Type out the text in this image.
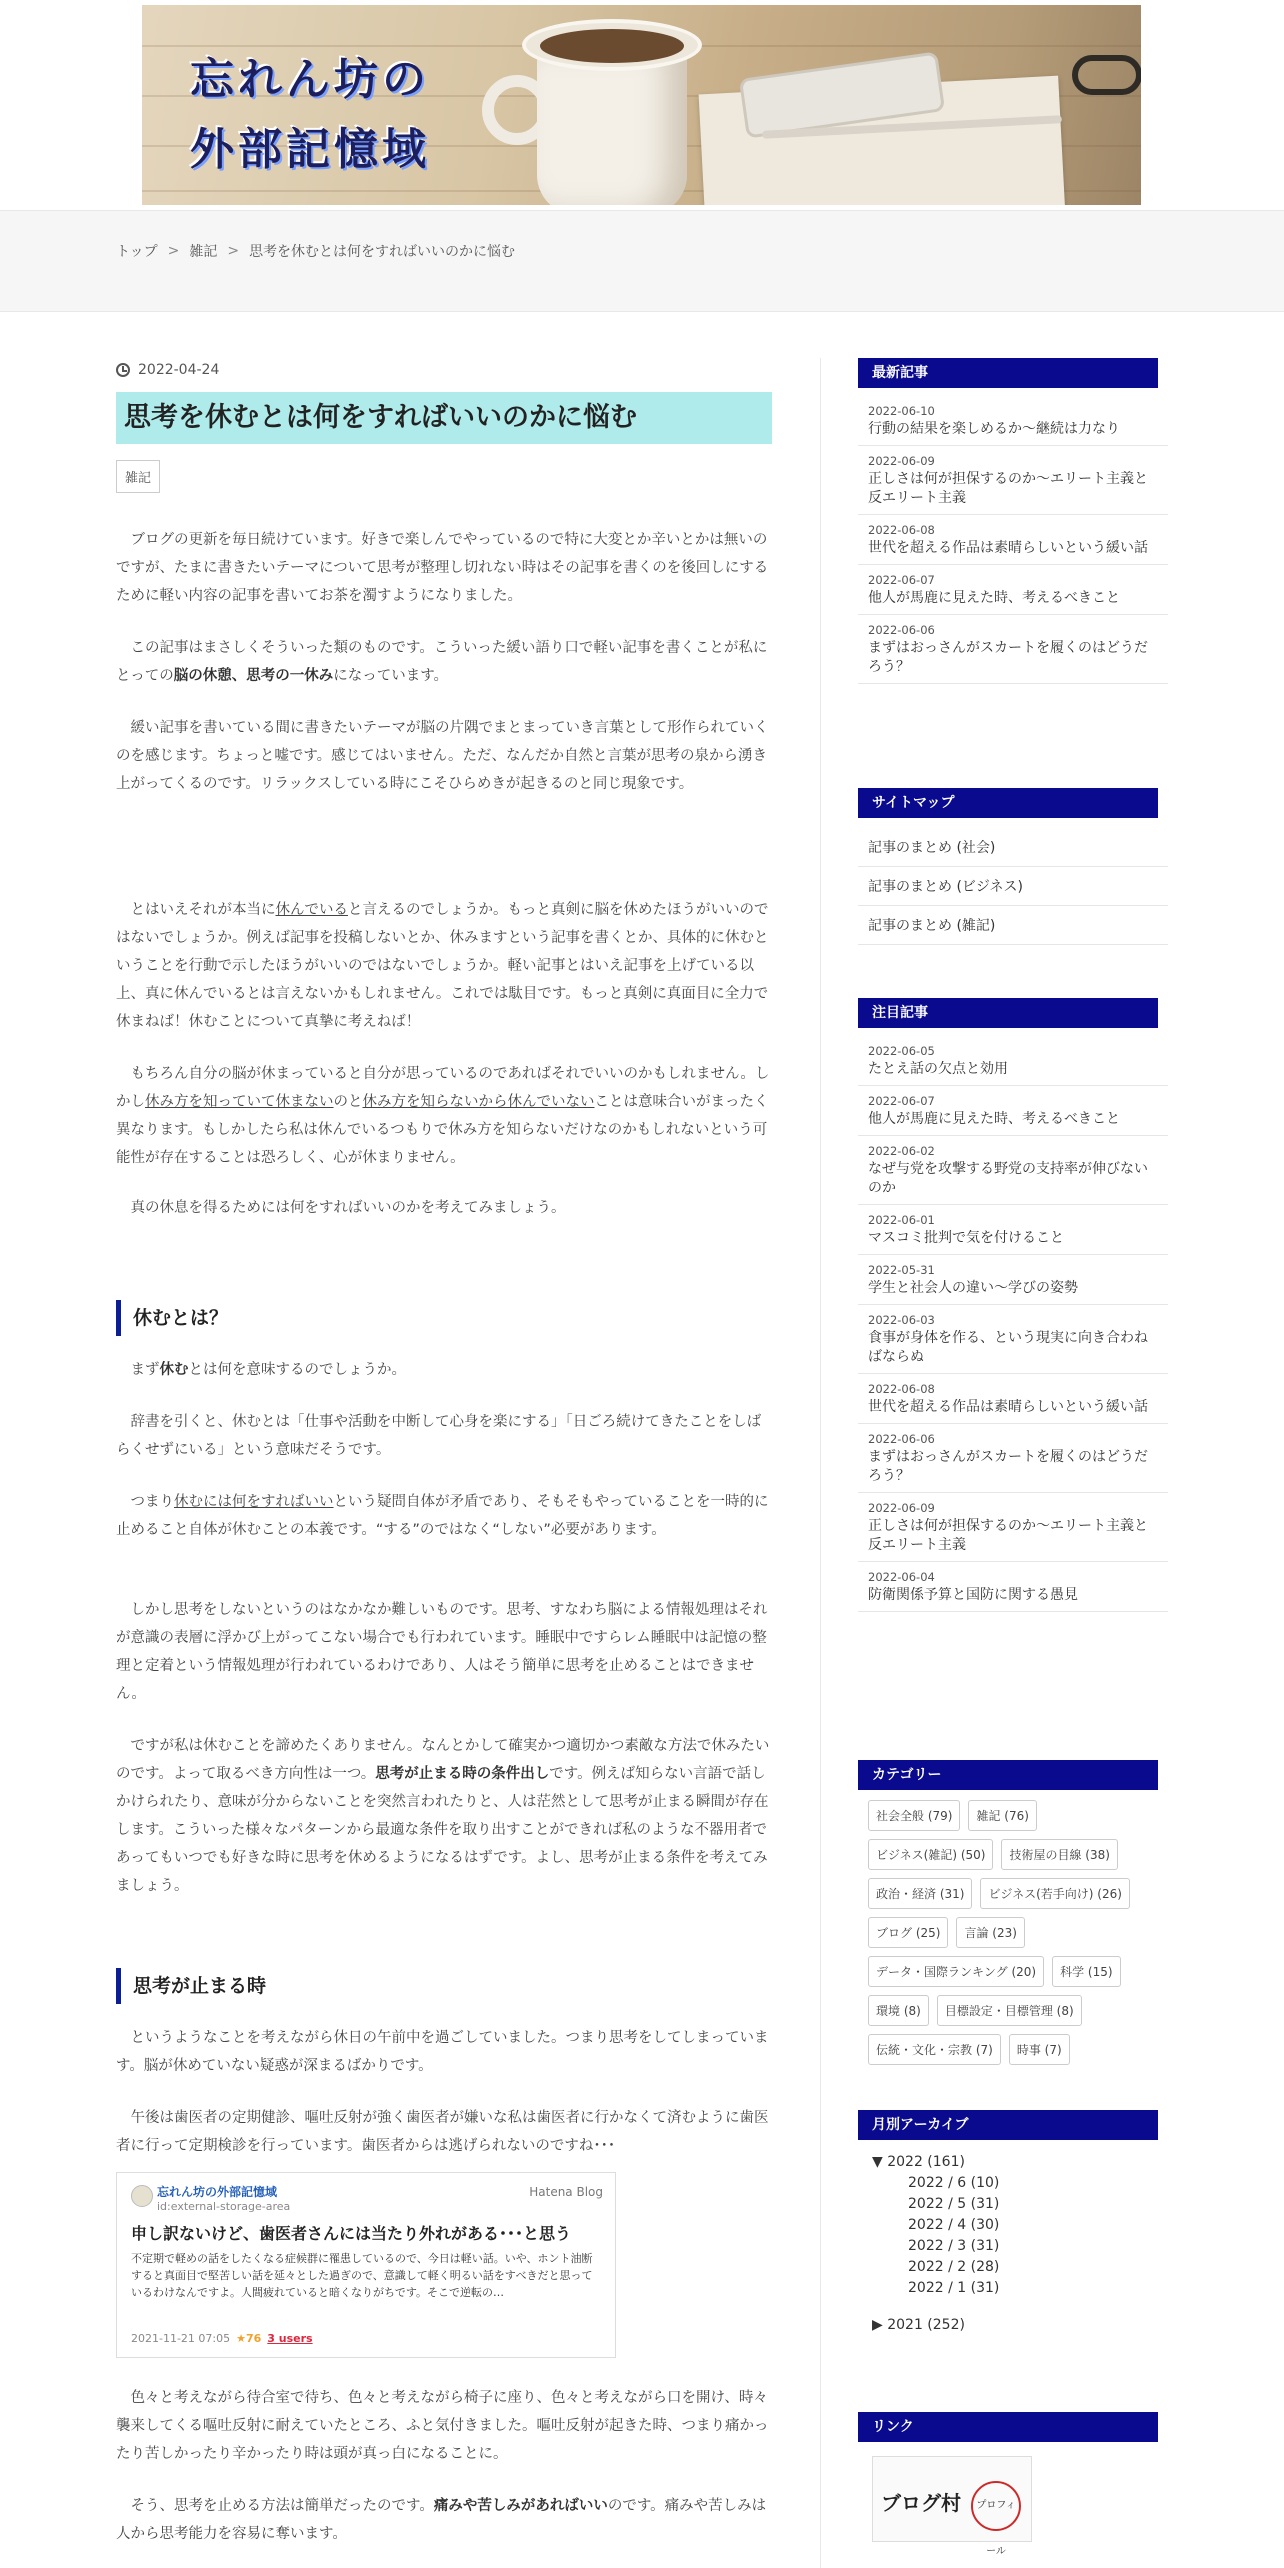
忘れん坊の
外部記憶域
トップ > 雑記 > 思考を休むとは何をすればいいのかに悩む
2022-04-24
思考を休むとは何をすればいいのかに悩む
雑記

ブログの更新を毎日続けています。好きで楽しんでやっているので特に大変とか辛いとかは無いのですが、たまに書きたいテーマについて思考が整理し切れない時はその記事を書くのを後回しにするために軽い内容の記事を書いてお茶を濁すようになりました。

この記事はまさしくそういった類のものです。こういった緩い語り口で軽い記事を書くことが私にとっての脳の休憩、思考の一休みになっています。

緩い記事を書いている間に書きたいテーマが脳の片隅でまとまっていき言葉として形作られていくのを感じます。ちょっと嘘です。感じてはいません。ただ、なんだか自然と言葉が思考の泉から湧き上がってくるのです。リラックスしている時にこそひらめきが起きるのと同じ現象です。

とはいえそれが本当に休んでいると言えるのでしょうか。もっと真剣に脳を休めたほうがいいのではないでしょうか。例えば記事を投稿しないとか、休みますという記事を書くとか、具体的に休むということを行動で示したほうがいいのではないでしょうか。軽い記事とはいえ記事を上げている以上、真に休んでいるとは言えないかもしれません。これでは駄目です。もっと真剣に真面目に全力で休まねば！休むことについて真摯に考えねば！

もちろん自分の脳が休まっていると自分が思っているのであればそれでいいのかもしれません。しかし休み方を知っていて休まないのと休み方を知らないから休んでいないことは意味合いがまったく異なります。もしかしたら私は休んでいるつもりで休み方を知らないだけなのかもしれないという可能性が存在することは恐ろしく、心が休まりません。

真の休息を得るためには何をすればいいのかを考えてみましょう。

休むとは？

まず休むとは何を意味するのでしょうか。

辞書を引くと、休むとは「仕事や活動を中断して心身を楽にする」「日ごろ続けてきたことをしばらくせずにいる」という意味だそうです。

つまり休むには何をすればいいという疑問自体が矛盾であり、そもそもやっていることを一時的に止めること自体が休むことの本義です。“する”のではなく“しない”必要があります。

しかし思考をしないというのはなかなか難しいものです。思考、すなわち脳による情報処理はそれが意識の表層に浮かび上がってこない場合でも行われています。睡眠中ですらレム睡眠中は記憶の整理と定着という情報処理が行われているわけであり、人はそう簡単に思考を止めることはできません。

ですが私は休むことを諦めたくありません。なんとかして確実かつ適切かつ素敵な方法で休みたいのです。よって取るべき方向性は一つ。思考が止まる時の条件出しです。例えば知らない言語で話しかけられたり、意味が分からないことを突然言われたりと、人は茫然として思考が止まる瞬間が存在します。こういった様々なパターンから最適な条件を取り出すことができれば私のような不器用者であってもいつでも好きな時に思考を休めるようになるはずです。よし、思考が止まる条件を考えてみましょう。

思考が止まる時

というようなことを考えながら休日の午前中を過ごしていました。つまり思考をしてしまっています。脳が休めていない疑惑が深まるばかりです。

午後は歯医者の定期健診、嘔吐反射が強く歯医者が嫌いな私は歯医者に行かなくて済むように歯医者に行って定期検診を行っています。歯医者からは逃げられないのですね･･･

忘れん坊の外部記憶域
id:external-storage-area
Hatena Blog
申し訳ないけど、歯医者さんには当たり外れがある･･･と思う
不定期で軽めの話をしたくなる症候群に罹患しているので、今日は軽い話。いや、ホント油断すると真面目で堅苦しい話を延々とした過ぎので、意識して軽く明るい話をすべきだと思っているわけなんですよ。人間疲れていると暗くなりがちです。そこで逆転の…
2021-11-21 07:05 ★76 3 users

色々と考えながら待合室で待ち、色々と考えながら椅子に座り、色々と考えながら口を開け、時々襲来してくる嘔吐反射に耐えていたところ、ふと気付きました。嘔吐反射が起きた時、つまり痛かったり苦しかったり辛かったり時は頭が真っ白になることに。

そう、思考を止める方法は簡単だったのです。痛みや苦しみがあればいいのです。痛みや苦しみは人から思考能力を容易に奪います。

最新記事
2022-06-10
行動の結果を楽しめるか～継続は力なり
2022-06-09
正しさは何が担保するのか～エリート主義と反エリート主義
2022-06-08
世代を超える作品は素晴らしいという緩い話
2022-06-07
他人が馬鹿に見えた時、考えるべきこと
2022-06-06
まずはおっさんがスカートを履くのはどうだろう？
サイトマップ
記事のまとめ (社会)
記事のまとめ (ビジネス)
記事のまとめ (雑記)
注目記事
2022-06-05
たとえ話の欠点と効用
2022-06-07
他人が馬鹿に見えた時、考えるべきこと
2022-06-02
なぜ与党を攻撃する野党の支持率が伸びないのか
2022-06-01
マスコミ批判で気を付けること
2022-05-31
学生と社会人の違い〜学びの姿勢
2022-06-03
食事が身体を作る、という現実に向き合わねばならぬ
2022-06-08
世代を超える作品は素晴らしいという緩い話
2022-06-06
まずはおっさんがスカートを履くのはどうだろう？
2022-06-09
正しさは何が担保するのか～エリート主義と反エリート主義
2022-06-04
防衛関係予算と国防に関する愚見
カテゴリー
社会全般 (79)	雑記 (76)
ビジネス(雑記) (50)	技術屋の目線 (38)
政治・経済 (31)	ビジネス(若手向け) (26)
ブログ (25)	言論 (23)
データ・国際ランキング (20)	科学 (15)
環境 (8)	目標設定・目標管理 (8)
伝統・文化・宗教 (7)	時事 (7)
月別アーカイブ
▼ 2022 (161)
2022 / 6 (10)
2022 / 5 (31)
2022 / 4 (30)
2022 / 3 (31)
2022 / 2 (28)
2022 / 1 (31)
▶ 2021 (252)
リンク
ブログ村	プロフィール
